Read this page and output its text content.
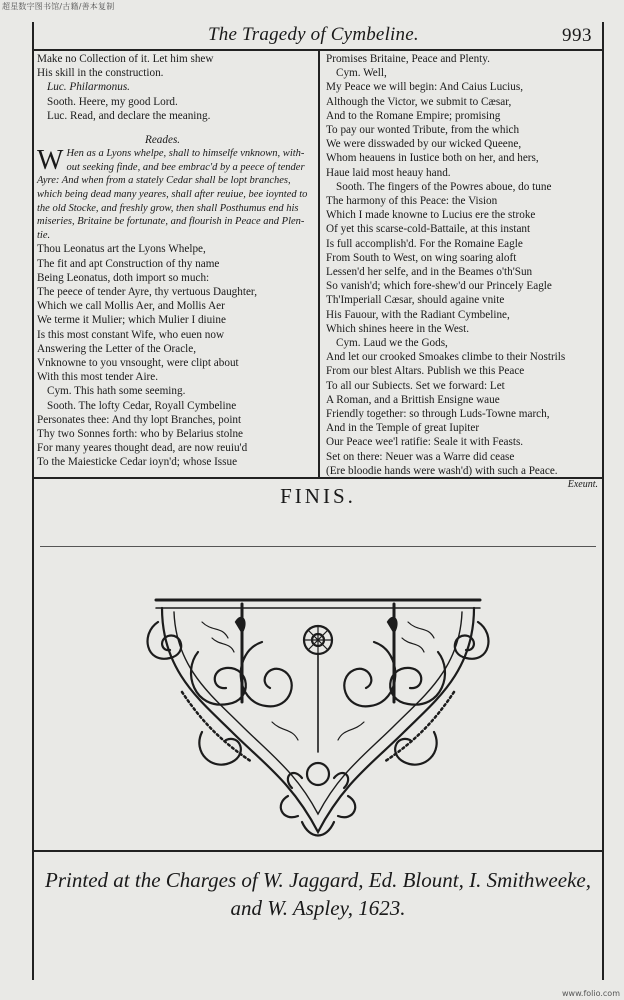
超星数字图书馆/古籍/善本复制
The Tragedy of Cymbeline.	993
Make no Collection of it. Let him shew
His skill in the construction.
Luc. Philarmonus.
Sooth. Heere, my good Lord.
Luc. Read, and declare the meaning.
Reades.
W Hen as a Lyons whelpe, shall to himselfe vnknown, with-
out seeking finde, and bee embrac'd by a peece of tender
Ayre: And when from a stately Cedar shall be lopt branches,
which being dead many yeares, shall after reuiue, bee ioynted to
the old Stocke, and freshly grow, then shall Posthumus end his
miseries, Britaine be fortunate, and flourish in Peace and Plen-
tie.
Thou Leonatus art the Lyons Whelpe,
The fit and apt Construction of thy name
Being Leonatus, doth import so much:
The peece of tender Ayre, thy vertuous Daughter,
Which we call Mollis Aer, and Mollis Aer
We terme it Mulier; which Mulier I diuine
Is this most constant Wife, who euen now
Answering the Letter of the Oracle,
Vnknowne to you vnsought, were clipt about
With this most tender Aire.
Cym. This hath some seeming.
Sooth. The lofty Cedar, Royall Cymbeline
Personates thee: And thy lopt Branches, point
Thy two Sonnes forth: who by Belarius stolne
For many yeares thought dead, are now reuiu'd
To the Maiesticke Cedar ioyn'd; whose Issue
Promises Britaine, Peace and Plenty.
Cym. Well,
My Peace we will begin: And Caius Lucius,
Although the Victor, we submit to Cæsar,
And to the Romane Empire; promising
To pay our wonted Tribute, from the which
We were disswaded by our wicked Queene,
Whom heauens in Iustice both on her, and hers,
Haue laid most heauy hand.
Sooth. The fingers of the Powres aboue, do tune
The harmony of this Peace: the Vision
Which I made knowne to Lucius ere the stroke
Of yet this scarse-cold-Battaile, at this instant
Is full accomplish'd. For the Romaine Eagle
From South to West, on wing soaring aloft
Lessen'd her selfe, and in the Beames o'th'Sun
So vanish'd; which fore-shew'd our Princely Eagle
Th'Imperiall Cæsar, should againe vnite
His Fauour, with the Radiant Cymbeline,
Which shines heere in the West.
Cym. Laud we the Gods,
And let our crooked Smoakes climbe to their Nostrils
From our blest Altars. Publish we this Peace
To all our Subiects. Set we forward: Let
A Roman, and a Brittish Ensigne waue
Friendly together: so through Luds-Towne march,
And in the Temple of great Iupiter
Our Peace wee'l ratifie: Seale it with Feasts.
Set on there: Neuer was a Warre did cease
(Ere bloodie hands were wash'd) with such a Peace.
Exeunt.
FINIS.
Printed at the Charges of W. Jaggard, Ed. Blount, I. Smithweeke,
and W. Aspley, 1623.
www.folio.com
